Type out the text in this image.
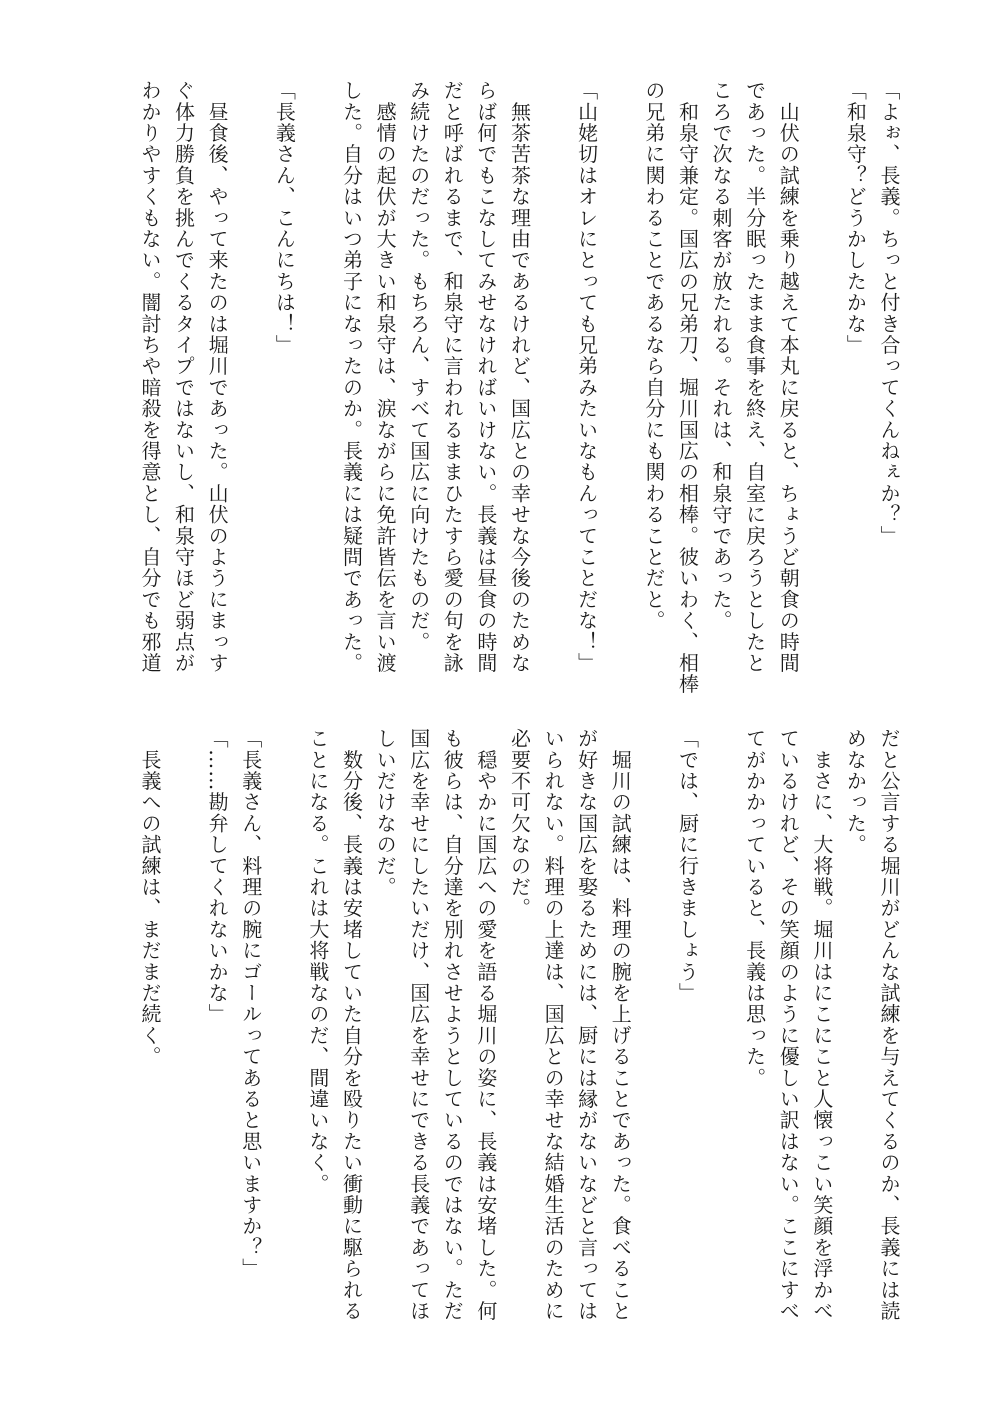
「よぉ、長義。ちっと付き合ってくんねぇか？」
「和泉守？どうかしたかな」
　山伏の試練を乗り越えて本丸に戻ると、ちょうど朝食の時間
であった。半分眠ったまま食事を終え、自室に戻ろうとしたと
ころで次なる刺客が放たれる。それは、和泉守であった。
　和泉守兼定。国広の兄弟刀、堀川国広の相棒。彼いわく、相棒
の兄弟に関わることであるなら自分にも関わることだと。
「山姥切はオレにとっても兄弟みたいなもんってことだな！」
　無茶苦茶な理由であるけれど、国広との幸せな今後のためな
らば何でもこなしてみせなければいけない。長義は昼食の時間
だと呼ばれるまで、和泉守に言われるままひたすら愛の句を詠
み続けたのだった。もちろん、すべて国広に向けたものだ。
　感情の起伏が大きい和泉守は、涙ながらに免許皆伝を言い渡
した。自分はいつ弟子になったのか。長義には疑問であった。
「長義さん、こんにちは！」
　昼食後、やって来たのは堀川であった。山伏のようにまっす
ぐ体力勝負を挑んでくるタイプではないし、和泉守ほど弱点が
わかりやすくもない。闇討ちや暗殺を得意とし、自分でも邪道
だと公言する堀川がどんな試練を与えてくるのか、長義には読
めなかった。
　まさに、大将戦。堀川はにこにこと人懐っこい笑顔を浮かべ
ているけれど、その笑顔のように優しい訳はない。ここにすべ
てがかかっていると、長義は思った。
「では、厨に行きましょう」
　堀川の試練は、料理の腕を上げることであった。食べること
が好きな国広を娶るためには、厨には縁がないなどと言っては
いられない。料理の上達は、国広との幸せな結婚生活のために
必要不可欠なのだ。
　穏やかに国広への愛を語る堀川の姿に、長義は安堵した。何
も彼らは、自分達を別れさせようとしているのではない。ただ
国広を幸せにしたいだけ、国広を幸せにできる長義であってほ
しいだけなのだ。
　数分後、長義は安堵していた自分を殴りたい衝動に駆られる
ことになる。これは大将戦なのだ、間違いなく。
「長義さん、料理の腕にゴールってあると思いますか？」
「……勘弁してくれないかな」
　長義への試練は、まだまだ続く。
